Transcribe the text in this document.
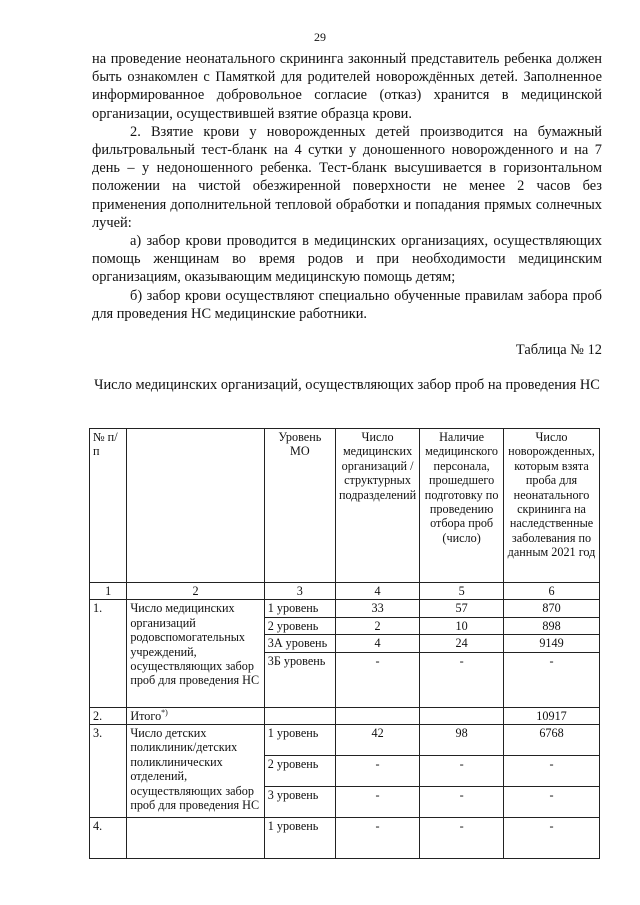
29

на проведение неонатального скрининга законный представитель ребенка должен быть ознакомлен с Памяткой для родителей новорождённых детей. Заполненное информированное добровольное согласие (отказ) хранится в медицинской организации, осуществившей взятие образца крови.

2. Взятие крови у новорожденных детей производится на бумажный фильтровальный тест-бланк на 4 сутки у доношенного новорожденного и на 7 день – у недоношенного ребенка. Тест-бланк высушивается в горизонтальном положении на чистой обезжиренной поверхности не менее 2 часов без применения дополнительной тепловой обработки и попадания прямых солнечных лучей:

а) забор крови проводится в медицинских организациях, осуществляющих помощь женщинам во время родов и при необходимости медицинским организациям, оказывающим медицинскую помощь детям;

б) забор крови осуществляют специально обученные правилам забора проб для проведения НС медицинские работники.

Таблица № 12
Число медицинских организаций, осуществляющих забор проб на проведения НС
№ п/п		Уровень МО	Число медицинских организаций /структурных подразделений	Наличие медицинского персонала, прошедшего подготовку по проведению отбора проб (число)	Число новорожденных, которым взята проба для неонатального скрининга на наследственные заболевания по данным 2021 год
1	2	3	4	5	6
1.	Число медицинских организаций родовспомогательных учреждений, осуществляющих забор проб для проведения НС	1 уровень	33	57	870
		2 уровень	2	10	898
		3А уровень	4	24	9149
		3Б уровень	-	-	-
2.	Итого*)				10917
3.	Число детских поликлиник/детских поликлинических отделений, осуществляющих забор проб для проведения НС	1 уровень	42	98	6768
		2 уровень	-	-	-
		3 уровень	-	-	-
4.		1 уровень	-	-	-
